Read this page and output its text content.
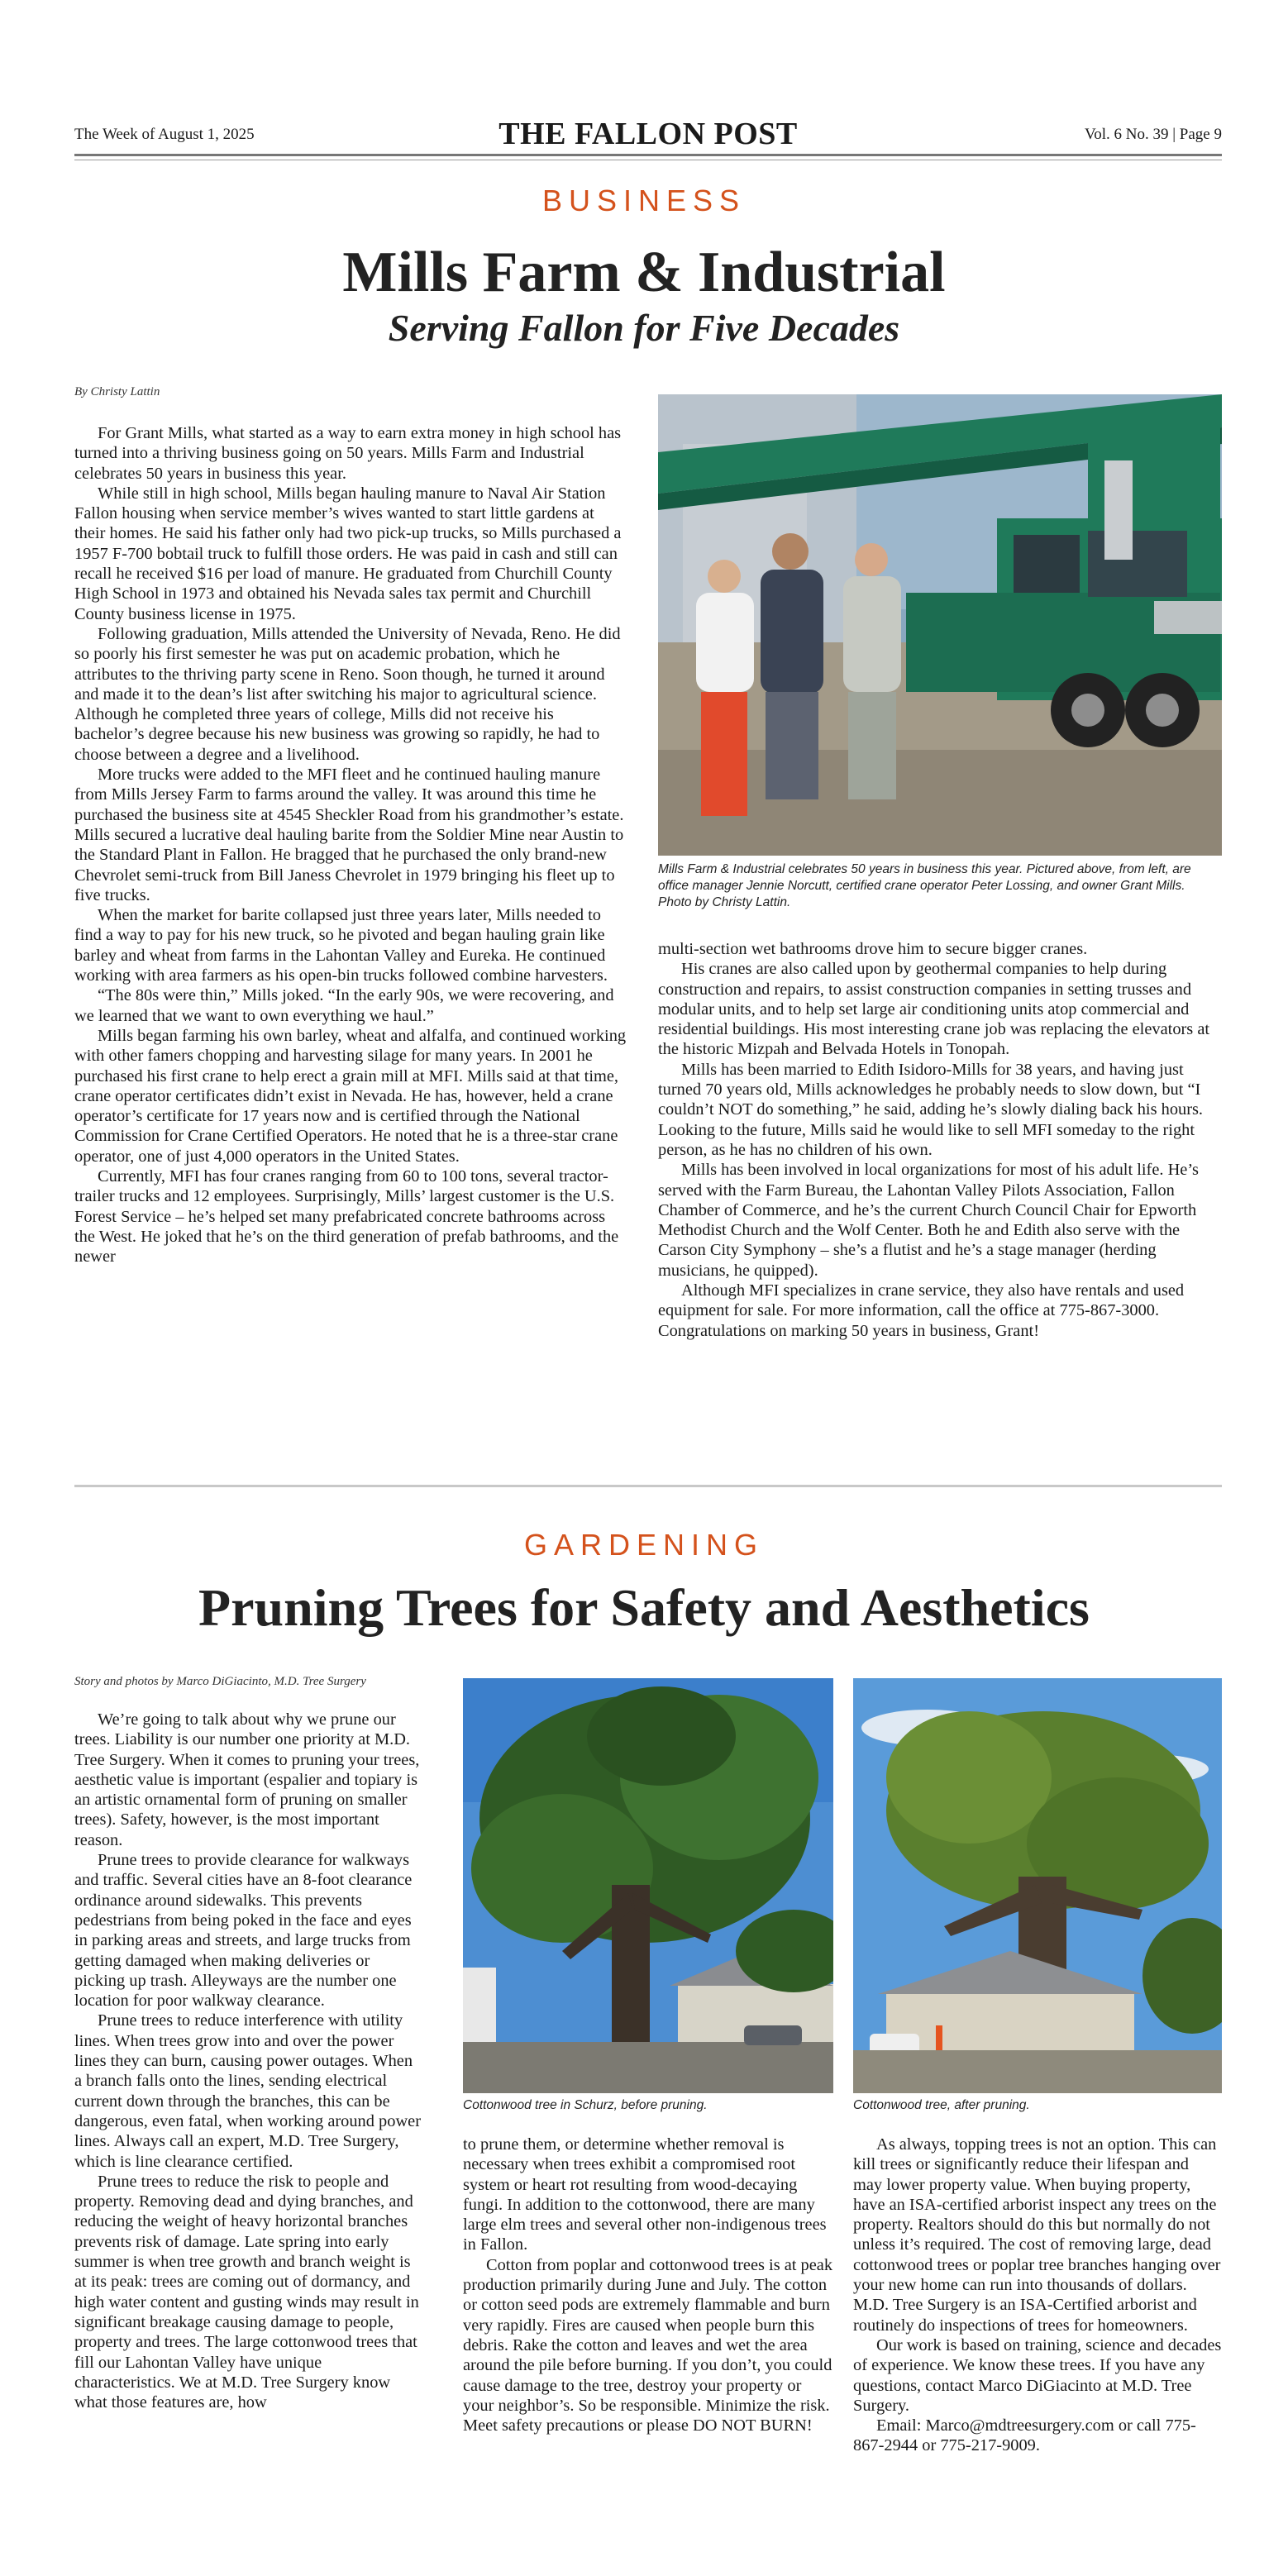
The Week of August 1, 2025	THE FALLON POST	Vol. 6 No. 39 | Page 9
BUSINESS
Mills Farm & Industrial
Serving Fallon for Five Decades
By Christy Lattin

For Grant Mills, what started as a way to earn extra money in high school has turned into a thriving business going on 50 years. Mills Farm and Industrial celebrates 50 years in business this year.

While still in high school, Mills began hauling manure to Naval Air Station Fallon housing when service member’s wives wanted to start little gardens at their homes. He said his father only had two pick-up trucks, so Mills purchased a 1957 F-700 bobtail truck to fulfill those orders. He was paid in cash and still can recall he received $16 per load of manure. He graduated from Churchill County High School in 1973 and obtained his Nevada sales tax permit and Churchill County business license in 1975.

Following graduation, Mills attended the University of Nevada, Reno. He did so poorly his first semester he was put on academic probation, which he attributes to the thriving party scene in Reno. Soon though, he turned it around and made it to the dean’s list after switching his major to agricultural science. Although he completed three years of college, Mills did not receive his bachelor’s degree because his new business was growing so rapidly, he had to choose between a degree and a livelihood.

More trucks were added to the MFI fleet and he continued hauling manure from Mills Jersey Farm to farms around the valley. It was around this time he purchased the business site at 4545 Sheckler Road from his grandmother’s estate. Mills secured a lucrative deal hauling barite from the Soldier Mine near Austin to the Standard Plant in Fallon. He bragged that he purchased the only brand-new Chevrolet semi-truck from Bill Janess Chevrolet in 1979 bringing his fleet up to five trucks.

When the market for barite collapsed just three years later, Mills needed to find a way to pay for his new truck, so he pivoted and began hauling grain like barley and wheat from farms in the Lahontan Valley and Eureka. He continued working with area farmers as his open-bin trucks followed combine harvesters.

“The 80s were thin,” Mills joked. “In the early 90s, we were recovering, and we learned that we want to own everything we haul.”

Mills began farming his own barley, wheat and alfalfa, and continued working with other famers chopping and harvesting silage for many years. In 2001 he purchased his first crane to help erect a grain mill at MFI. Mills said at that time, crane operator certificates didn’t exist in Nevada. He has, however, held a crane operator’s certificate for 17 years now and is certified through the National Commission for Crane Certified Operators. He noted that he is a three-star crane operator, one of just 4,000 operators in the United States.

Currently, MFI has four cranes ranging from 60 to 100 tons, several tractor-trailer trucks and 12 employees. Surprisingly, Mills’ largest customer is the U.S. Forest Service – he’s helped set many prefabricated concrete bathrooms across the West. He joked that he’s on the third generation of prefab bathrooms, and the newer

Mills Farm & Industrial celebrates 50 years in business this year. Pictured above, from left, are office manager Jennie Norcutt, certified crane operator Peter Lossing, and owner Grant Mills. Photo by Christy Lattin.

multi-section wet bathrooms drove him to secure bigger cranes.

His cranes are also called upon by geothermal companies to help during construction and repairs, to assist construction companies in setting trusses and modular units, and to help set large air conditioning units atop commercial and residential buildings. His most interesting crane job was replacing the elevators at the historic Mizpah and Belvada Hotels in Tonopah.

Mills has been married to Edith Isidoro-Mills for 38 years, and having just turned 70 years old, Mills acknowledges he probably needs to slow down, but “I couldn’t NOT do something,” he said, adding he’s slowly dialing back his hours. Looking to the future, Mills said he would like to sell MFI someday to the right person, as he has no children of his own.

Mills has been involved in local organizations for most of his adult life. He’s served with the Farm Bureau, the Lahontan Valley Pilots Association, Fallon Chamber of Commerce, and he’s the current Church Council Chair for Epworth Methodist Church and the Wolf Center. Both he and Edith also serve with the Carson City Symphony – she’s a flutist and he’s a stage manager (herding musicians, he quipped).

Although MFI specializes in crane service, they also have rentals and used equipment for sale. For more information, call the office at 775-867-3000. Congratulations on marking 50 years in business, Grant!

GARDENING
Pruning Trees for Safety and Aesthetics
Story and photos by Marco DiGiacinto, M.D. Tree Surgery

We’re going to talk about why we prune our trees. Liability is our number one priority at M.D. Tree Surgery. When it comes to pruning your trees, aesthetic value is important (espalier and topiary is an artistic ornamental form of pruning on smaller trees). Safety, however, is the most important reason.

Prune trees to provide clearance for walkways and traffic. Several cities have an 8-foot clearance ordinance around sidewalks. This prevents pedestrians from being poked in the face and eyes in parking areas and streets, and large trucks from getting damaged when making deliveries or picking up trash. Alleyways are the number one location for poor walkway clearance.

Prune trees to reduce interference with utility lines. When trees grow into and over the power lines they can burn, causing power outages. When a branch falls onto the lines, sending electrical current down through the branches, this can be dangerous, even fatal, when working around power lines. Always call an expert, M.D. Tree Surgery, which is line clearance certified.

Prune trees to reduce the risk to people and property. Removing dead and dying branches, and reducing the weight of heavy horizontal branches prevents risk of damage. Late spring into early summer is when tree growth and branch weight is at its peak: trees are coming out of dormancy, and high water content and gusting winds may result in significant breakage causing damage to people, property and trees. The large cottonwood trees that fill our Lahontan Valley have unique characteristics. We at M.D. Tree Surgery know what those features are, how

Cottonwood tree in Schurz, before pruning.	Cottonwood tree, after pruning.

to prune them, or determine whether removal is necessary when trees exhibit a compromised root system or heart rot resulting from wood-decaying fungi. In addition to the cottonwood, there are many large elm trees and several other non-indigenous trees in Fallon.

Cotton from poplar and cottonwood trees is at peak production primarily during June and July. The cotton or cotton seed pods are extremely flammable and burn very rapidly. Fires are caused when people burn this debris. Rake the cotton and leaves and wet the area around the pile before burning. If you don’t, you could cause damage to the tree, destroy your property or your neighbor’s. So be responsible. Minimize the risk. Meet safety precautions or please DO NOT BURN!

As always, topping trees is not an option. This can kill trees or significantly reduce their lifespan and may lower property value. When buying property, have an ISA-certified arborist inspect any trees on the property. Realtors should do this but normally do not unless it’s required. The cost of removing large, dead cottonwood trees or poplar tree branches hanging over your new home can run into thousands of dollars. M.D. Tree Surgery is an ISA-Certified arborist and routinely do inspections of trees for homeowners.

Our work is based on training, science and decades of experience. We know these trees. If you have any questions, contact Marco DiGiacinto at M.D. Tree Surgery.

Email: Marco@mdtreesurgery.com or call 775-867-2944 or 775-217-9009.
